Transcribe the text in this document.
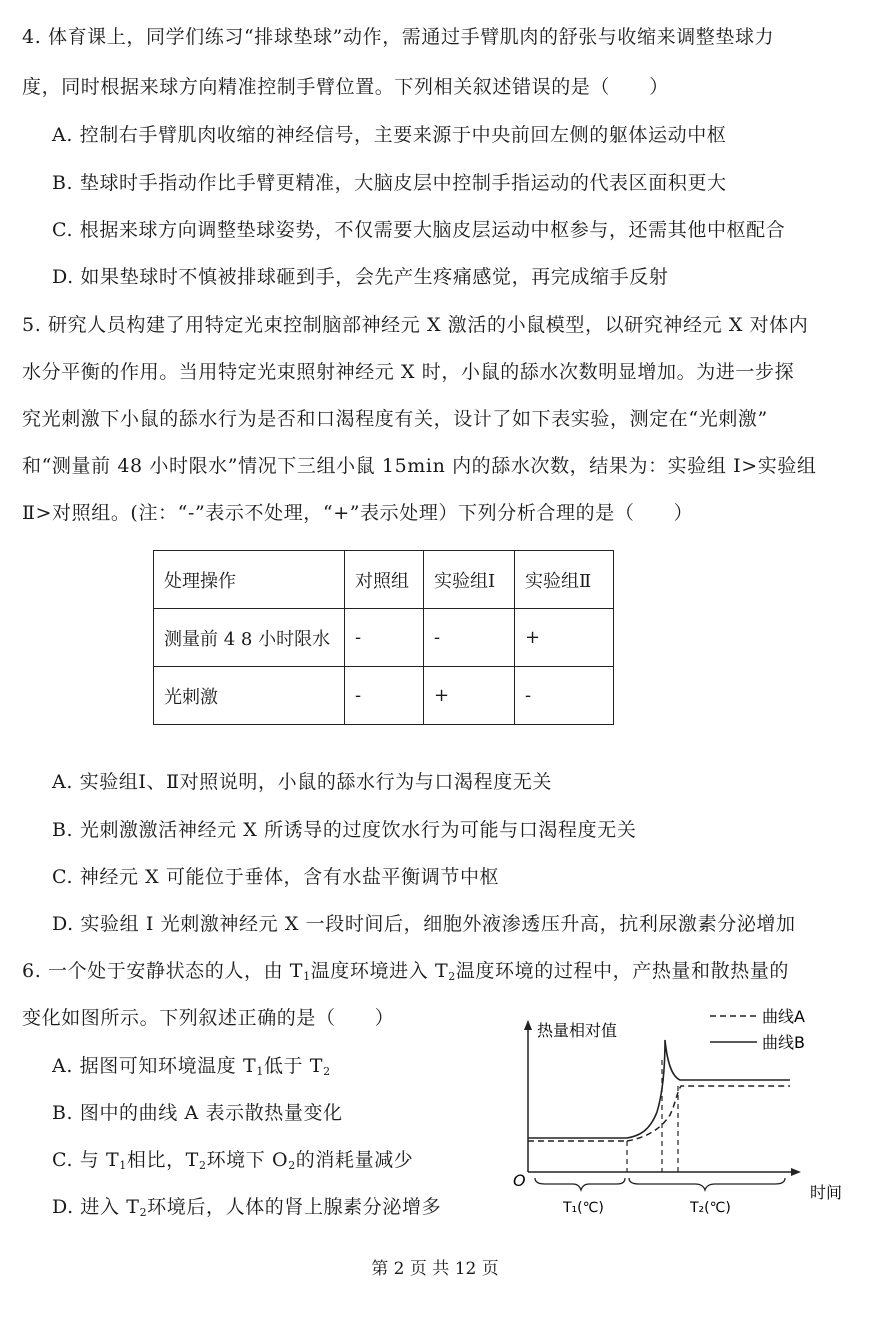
4. 体育课上，同学们练习“排球垫球”动作，需通过手臂肌肉的舒张与收缩来调整垫球力
度，同时根据来球方向精准控制手臂位置。下列相关叙述错误的是（　　）
A. 控制右手臂肌肉收缩的神经信号，主要来源于中央前回左侧的躯体运动中枢
B. 垫球时手指动作比手臂更精准，大脑皮层中控制手指运动的代表区面积更大
C. 根据来球方向调整垫球姿势，不仅需要大脑皮层运动中枢参与，还需其他中枢配合
D. 如果垫球时不慎被排球砸到手，会先产生疼痛感觉，再完成缩手反射
5. 研究人员构建了用特定光束控制脑部神经元 X 激活的小鼠模型，以研究神经元 X 对体内
水分平衡的作用。当用特定光束照射神经元 X 时，小鼠的舔水次数明显增加。为进一步探
究光刺激下小鼠的舔水行为是否和口渴程度有关，设计了如下表实验，测定在“光刺激”
和“测量前 48 小时限水”情况下三组小鼠 15min 内的舔水次数，结果为：实验组 I>实验组
Ⅱ>对照组。(注：“-”表示不处理，“+”表示处理）下列分析合理的是（　　）
处理操作	对照组	实验组Ⅰ	实验组Ⅱ
测量前 4 8 小时限水	-	-	+
光刺激	-	+	-
A. 实验组Ⅰ、Ⅱ对照说明，小鼠的舔水行为与口渴程度无关
B. 光刺激激活神经元 X 所诱导的过度饮水行为可能与口渴程度无关
C. 神经元 X 可能位于垂体，含有水盐平衡调节中枢
D. 实验组 I 光刺激神经元 X 一段时间后，细胞外液渗透压升高，抗利尿激素分泌增加
6. 一个处于安静状态的人，由 $T_1$温度环境进入 $T_2$温度环境的过程中，产热量和散热量的
变化如图所示。下列叙述正确的是（　　）
A. 据图可知环境温度 $T_1$低于 $T_2$
B. 图中的曲线 A 表示散热量变化
C. 与 $T_1$相比，$T_2$环境下 $O_2$的消耗量减少
D. 进入 $T_2$环境后，人体的肾上腺素分泌增多
热量相对值
时间
O
曲线A
曲线B
T₁(℃)	T₂(℃)
第 2 页 共 12 页
